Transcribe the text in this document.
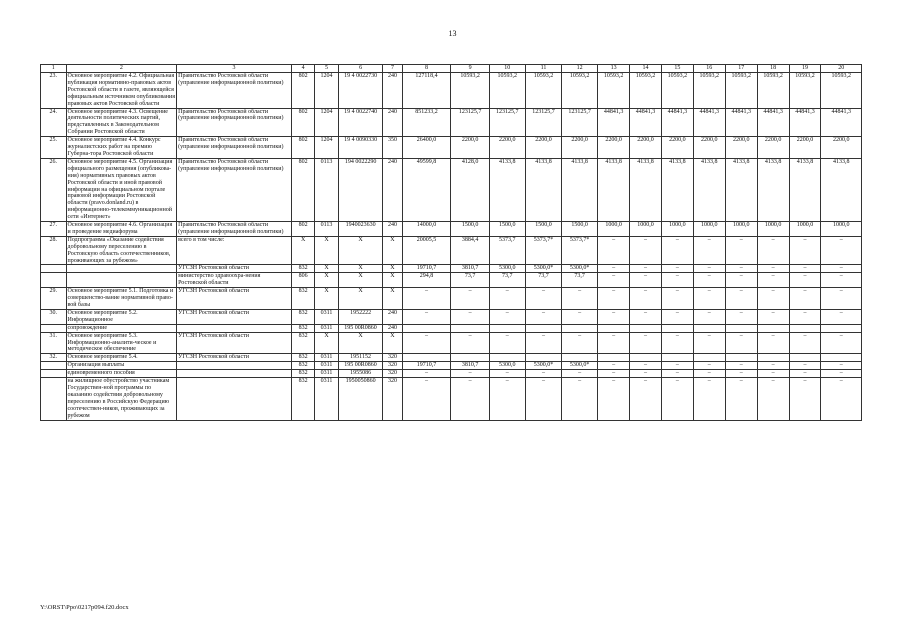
13
1	2	3	4	5	6	7	8	9	10	11	12	13	14	15	16	17	18	19	20
23.	Основное мероприятие 4.2. Официальная публикация нормативно-правовых актов Ростовской области в газете, являющейся официальным источником опубликования правовых актов Ростовской области	Правительство Ростовской области (управление информационной политики)	802	1204	19 4 0022730	240	127118,4	10593,2	10593,2	10593,2	10593,2	10593,2	10593,2	10593,2	10593,2	10593,2	10593,2	10593,2	10593,2
24.	Основное мероприятие 4.3. Освещение деятельности политических партий, представленных в Законодательном Собрании Ростовской области	Правительство Ростовской области (управление информационной политики)	802	1204	19 4 0022740	240	851233,2	123125,7	123125,7	123125,7	123125,7	44841,3	44841,3	44841,3	44841,3	44841,3	44841,3	44841,3	44841,3
25.	Основное мероприятие 4.4. Конкурс журналистских работ на премию Губерна-тора Ростовской области	Правительство Ростовской области (управление информационной политики)	802	1204	19 4 0090330	350	26400,0	2200,0	2200,0	2200,0	2200,0	2200,0	2200,0	2200,0	2200,0	2200,0	2200,0	2200,0	2200,0
26.	Основное мероприятие 4.5. Организация официального размещения (опубликова-ния) нормативных правовых актов Ростовской области и иной правовой информации на официальном портале правовой информации Ростовской области (pravo.donland.ru) в информационно-телекоммуникационной сети «Интернет»	Правительство Ростовской области (управление информационной политики)	802	0113	194 0022290	240	49599,8	4128,0	4133,8	4133,8	4133,8	4133,8	4133,8	4133,8	4133,8	4133,8	4133,8	4133,8	4133,8
27.	Основное мероприятие 4.6. Организация и проведение медиафорума	Правительство Ростовской области (управление информационной политики)	802	0113	1940023630	240	14000,0	1500,0	1500,0	1500,0	1500,0	1000,0	1000,0	1000,0	1000,0	1000,0	1000,0	1000,0	1000,0
28.	Подпрограмма «Оказание содействия добровольному переселению в Ростовскую область соотечественников, проживающих за рубежом»	всего в том числе:	X	X	X	X	20005,5	3884,4	5373,7	5373,7*	5373,7*	–	–	–	–	–	–	–	–
		УГСЗН Ростовской области	832	X	X	X	19710,7	3810,7	5300,0	5300,0*	5300,0*	–	–	–	–	–	–	–	–
		министерство здравоохра-нения Ростовской области	806	X	X	X	294,8	73,7	73,7	73,7	73,7	–	–	–	–	–	–	–	–
29.	Основное мероприятие 5.1. Подготовка и совершенство-вание нормативной право-вой базы	УГСЗН Ростовской области	832	X	X	X	–	–	–	–	–	–	–	–	–	–	–	–	–
30.	Основное мероприятие 5.2. Информационное	УГСЗН Ростовской области	832	0311	1952222	240	–	–	–	–	–	–	–	–	–	–	–	–	–
	сопровождение		832	0311	195 00R0860	240													
31.	Основное мероприятие 5.3. Информационно-аналити-ческое и методическое обеспечение	УГСЗН Ростовской области	832	X	X	X	–	–	–	–	–	–	–	–	–	–	–	–	–
32.	Основное мероприятие 5.4.	УГСЗН Ростовской области	832	0311	1951152	320													
	Организация выплаты		832	0311	195 00R0860	320	19710,7	3810,7	5300,0	5300,0*	5300,0*	–	–	–	–	–	–	–	–
	единовременного пособия		832	0311	1955086	320	–	–	–	–	–	–	–	–	–	–	–	–	–
	на жилищное обустройство участникам Государствен-ной программы по оказанию содействия добровольному переселению в Российскую Федерацию соотечествен-ников, проживающих за рубежом		832	0311	1950050860	320	–	–	–	–	–	–	–	–	–	–	–	–	–
Y:\ORST\Ppo\0217p094.f20.docx
